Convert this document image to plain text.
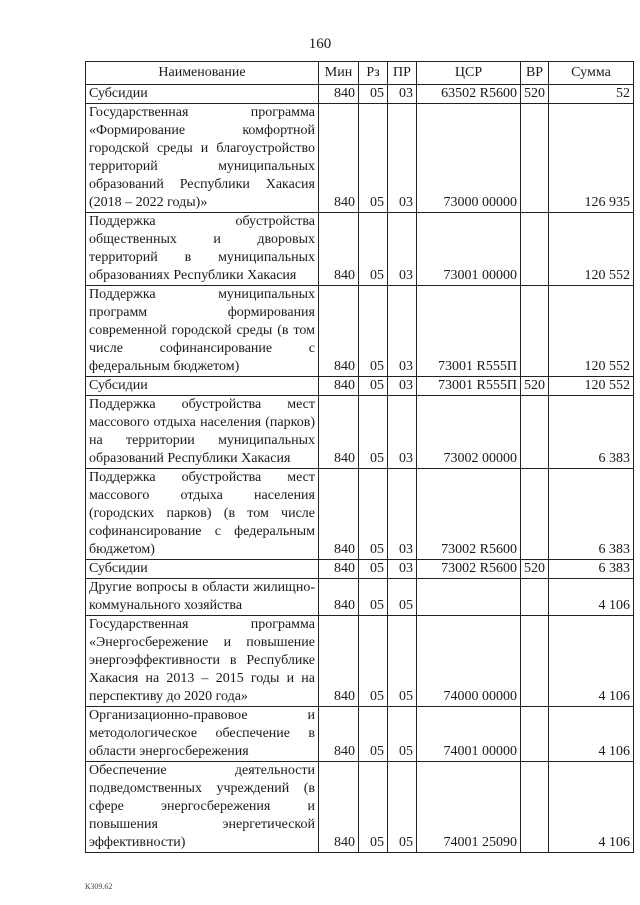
160
Наименование	Мин	Рз	ПР	ЦСР	ВР	Сумма
Субсидии	840	05	03	63502 R5600	520	52
Государственная программа «Формирование комфортной городской среды и благоустройство территорий муниципальных образований Республики Хакасия (2018 – 2022 годы)»	840	05	03	73000 00000		126 935
Поддержка обустройства общественных и дворовых территорий в муниципальных образованиях Республики Хакасия	840	05	03	73001 00000		120 552
Поддержка муниципальных программ формирования современной городской среды (в том числе софинансирование с федеральным бюджетом)	840	05	03	73001 R555П		120 552
Субсидии	840	05	03	73001 R555П	520	120 552
Поддержка обустройства мест массового отдыха населения (парков) на территории муниципальных образований Республики Хакасия	840	05	03	73002 00000		6 383
Поддержка обустройства мест массового отдыха населения (городских парков) (в том числе софинансирование с федеральным бюджетом)	840	05	03	73002 R5600		6 383
Субсидии	840	05	03	73002 R5600	520	6 383
Другие вопросы в области жилищно-коммунального хозяйства	840	05	05			4 106
Государственная программа «Энергосбережение и повышение энергоэффективности в Республике Хакасия на 2013 – 2015 годы и на перспективу до 2020 года»	840	05	05	74000 00000		4 106
Организационно-правовое и методологическое обеспечение в области энергосбережения	840	05	05	74001 00000		4 106
Обеспечение деятельности подведомственных учреждений (в сфере энергосбережения и повышения энергетической эффективности)	840	05	05	74001 25090		4 106
К309.62
